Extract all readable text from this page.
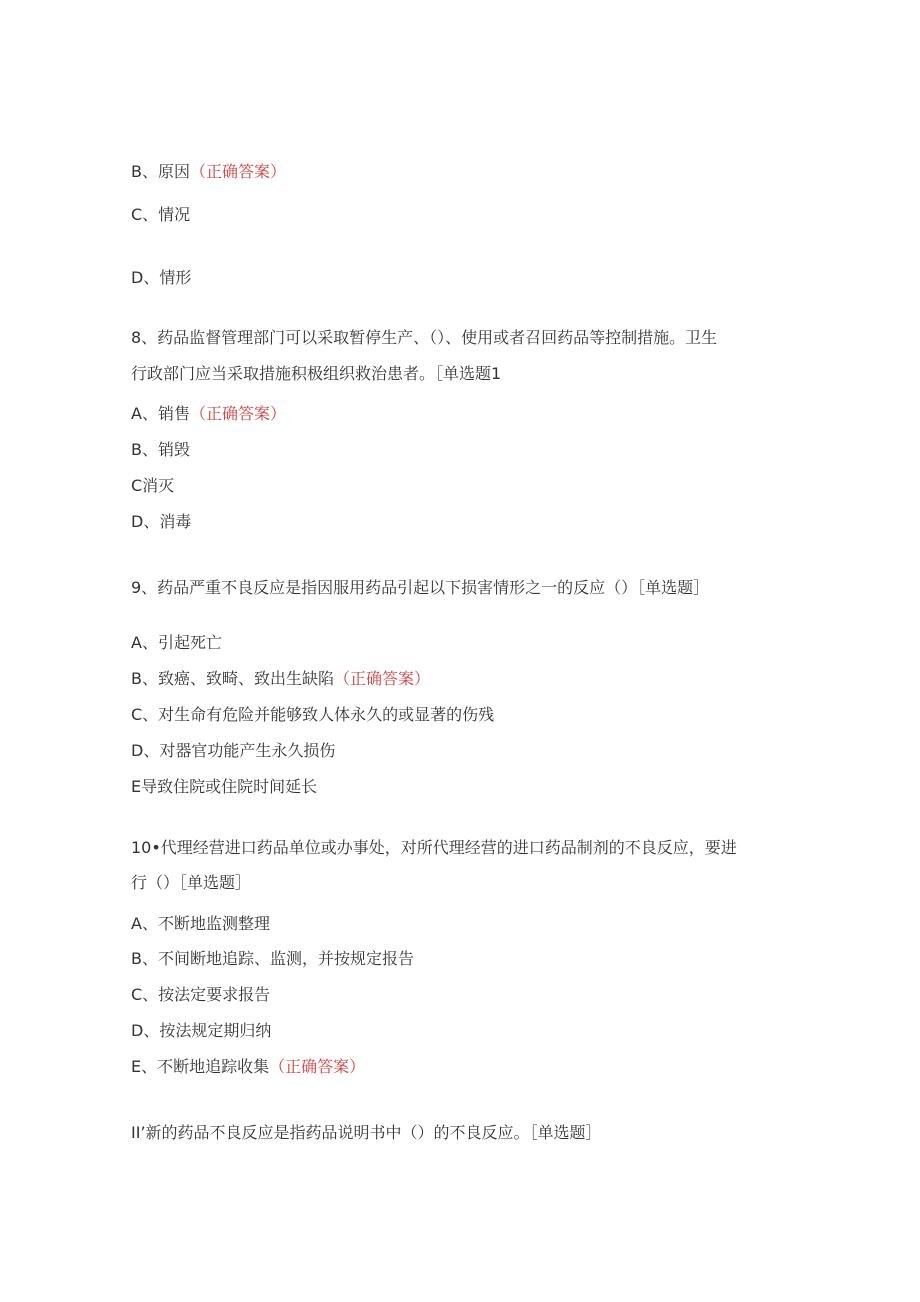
B、原因（正确答案）
C、情况
D、情形
8、药品监督管理部门可以采取暂停生产、（）、使用或者召回药品等控制措施。卫生
行政部门应当采取措施积极组织救治患者。［单选题1
A、销售（正确答案）
B、销毁
C消灭
D、消毒
9、药品严重不良反应是指因服用药品引起以下损害情形之一的反应（）［单选题］
A、引起死亡
B、致癌、致畸、致出生缺陷（正确答案）
C、对生命有危险并能够致人体永久的或显著的伤残
D、对器官功能产生永久损伤
E导致住院或住院时间延长
10•代理经营进口药品单位或办事处，对所代理经营的进口药品制剂的不良反应，要进
行（）［单选题］
A、不断地监测整理
B、不间断地追踪、监测，并按规定报告
C、按法定要求报告
D、按法规定期归纳
E、不断地追踪收集（正确答案）
II’新的药品不良反应是指药品说明书中（）的不良反应。［单选题］
